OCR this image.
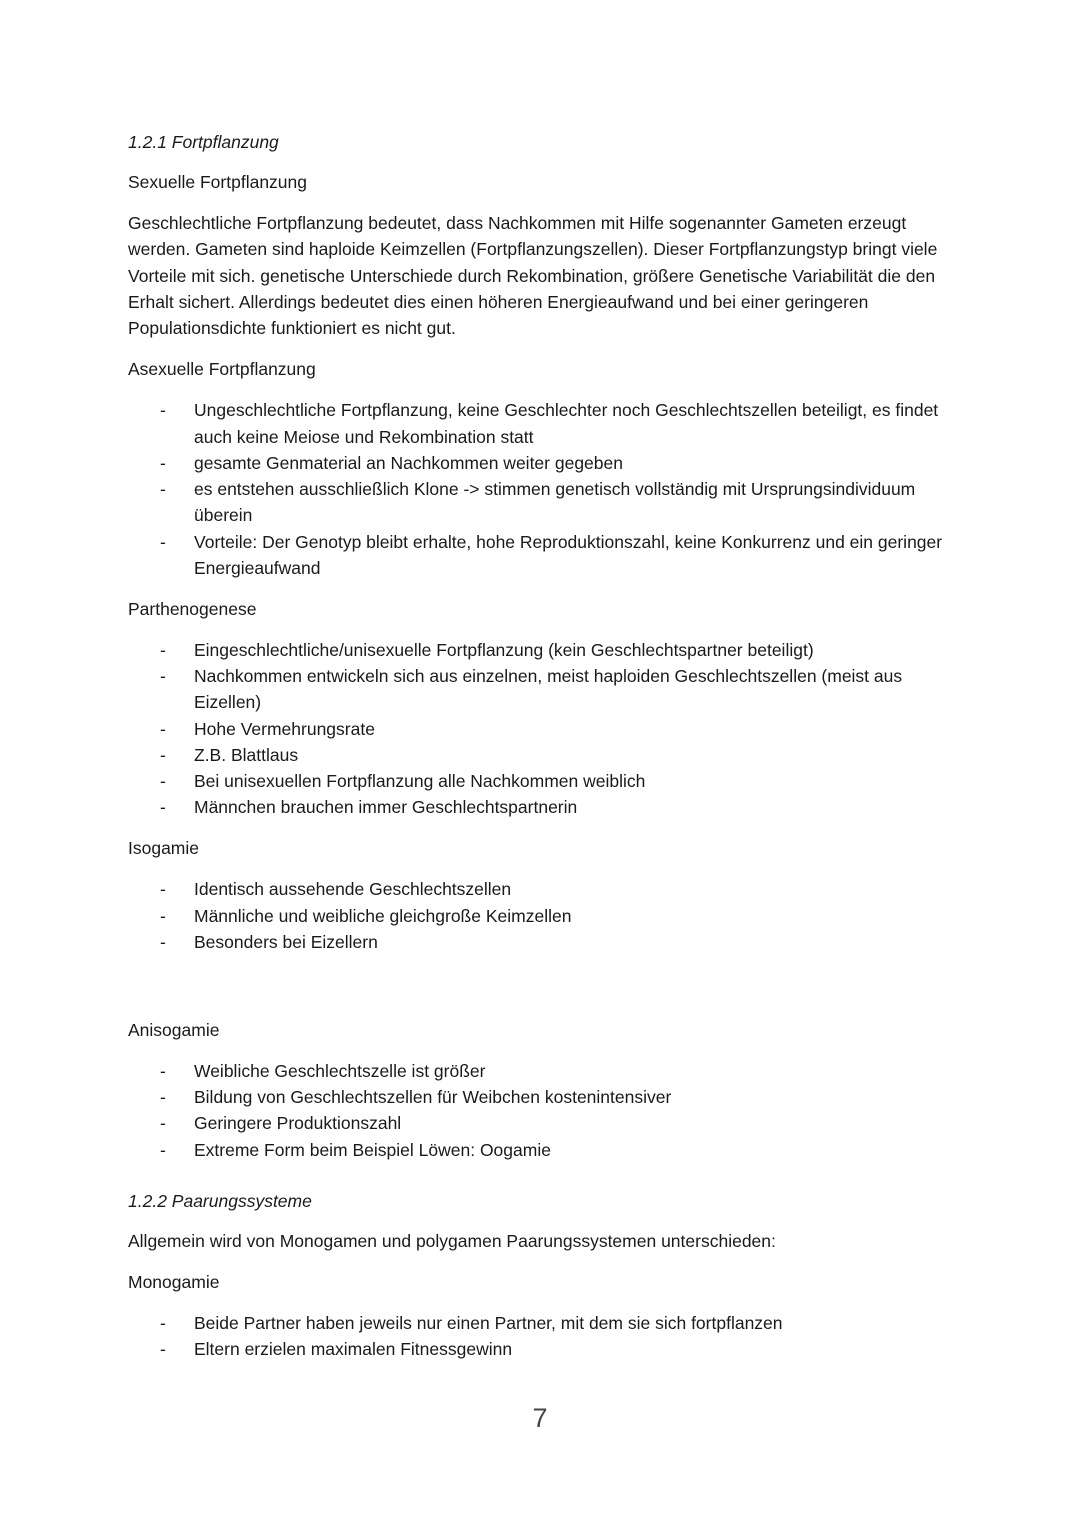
1.2.1 Fortpflanzung
Sexuelle Fortpflanzung
Geschlechtliche Fortpflanzung bedeutet, dass Nachkommen mit Hilfe sogenannter Gameten erzeugt werden. Gameten sind haploide Keimzellen (Fortpflanzungszellen). Dieser Fortpflanzungstyp bringt viele Vorteile mit sich. genetische Unterschiede durch Rekombination, größere Genetische Variabilität die den Erhalt sichert. Allerdings bedeutet dies einen höheren Energieaufwand und bei einer geringeren Populationsdichte funktioniert es nicht gut.
Asexuelle Fortpflanzung
- Ungeschlechtliche Fortpflanzung, keine Geschlechter noch Geschlechtszellen beteiligt, es findet auch keine Meiose und Rekombination statt
- gesamte Genmaterial an Nachkommen weiter gegeben
- es entstehen ausschließlich Klone -> stimmen genetisch vollständig mit Ursprungsindividuum überein
- Vorteile: Der Genotyp bleibt erhalte, hohe Reproduktionszahl, keine Konkurrenz und ein geringer Energieaufwand
Parthenogenese
- Eingeschlechtliche/unisexuelle Fortpflanzung (kein Geschlechtspartner beteiligt)
- Nachkommen entwickeln sich aus einzelnen, meist haploiden Geschlechtszellen (meist aus Eizellen)
- Hohe Vermehrungsrate
- Z.B. Blattlaus
- Bei unisexuellen Fortpflanzung alle Nachkommen weiblich
- Männchen brauchen immer Geschlechtspartnerin
Isogamie
- Identisch aussehende Geschlechtszellen
- Männliche und weibliche gleichgroße Keimzellen
- Besonders bei Eizellern
Anisogamie
- Weibliche Geschlechtszelle ist größer
- Bildung von Geschlechtszellen für Weibchen kostenintensiver
- Geringere Produktionszahl
- Extreme Form beim Beispiel Löwen: Oogamie
1.2.2 Paarungssysteme
Allgemein wird von Monogamen und polygamen Paarungssystemen unterschieden:
Monogamie
- Beide Partner haben jeweils nur einen Partner, mit dem sie sich fortpflanzen
- Eltern erzielen maximalen Fitnessgewinn
7
